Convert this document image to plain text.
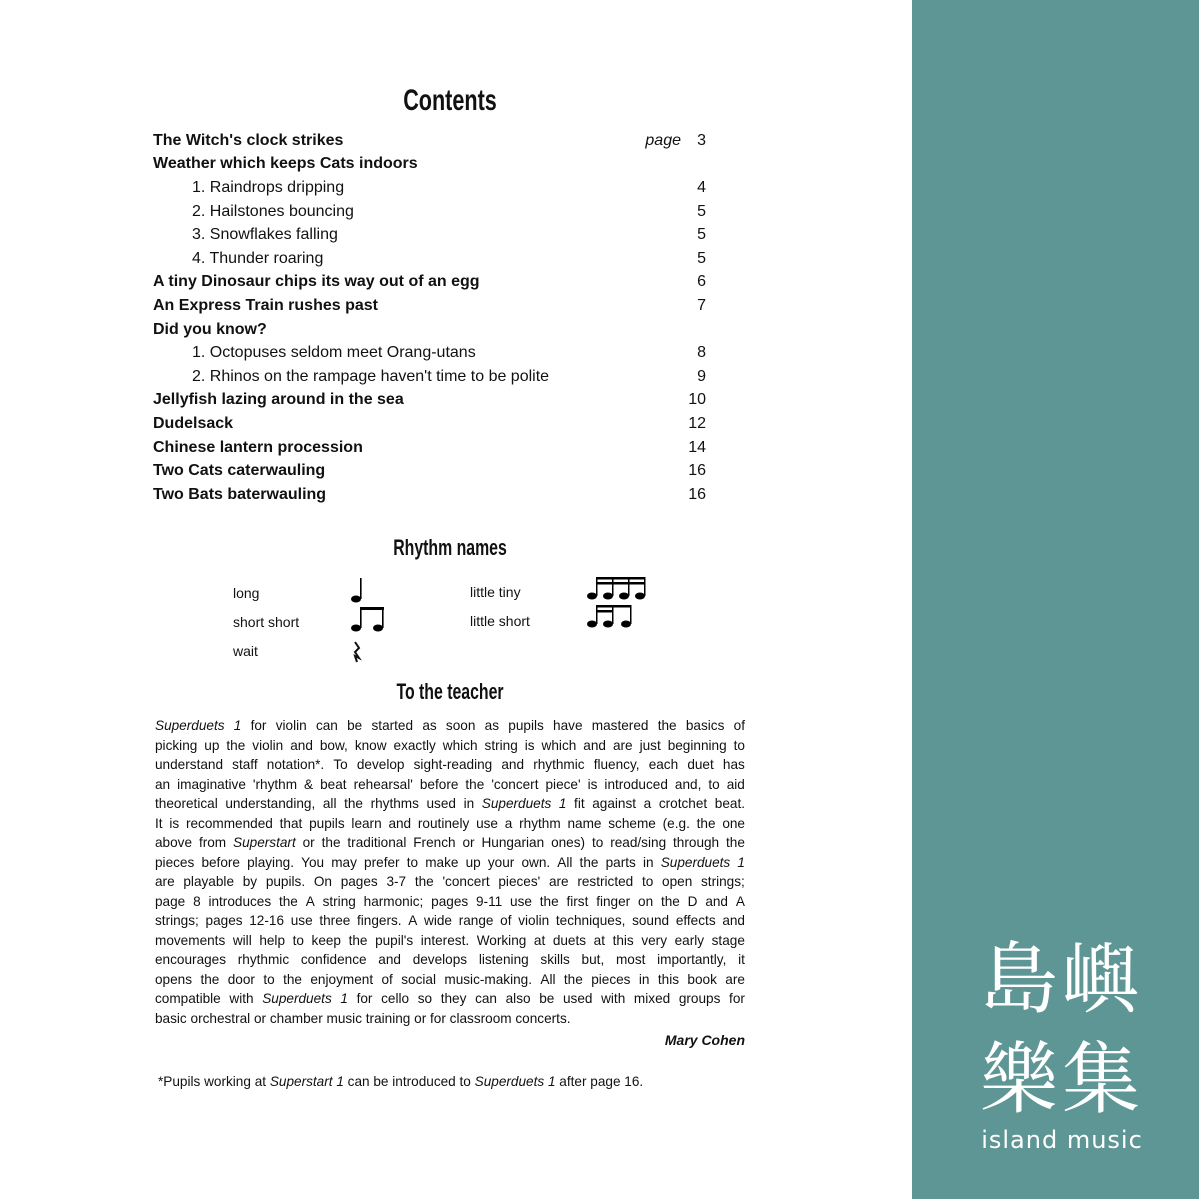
Contents
The Witch's clock strikes	page	3
Weather which keeps Cats indoors
1. Raindrops dripping	4
2. Hailstones bouncing	5
3. Snowflakes falling	5
4. Thunder roaring	5
A tiny Dinosaur chips its way out of an egg	6
An Express Train rushes past	7
Did you know?
1. Octopuses seldom meet Orang-utans	8
2. Rhinos on the rampage haven't time to be polite	9
Jellyfish lazing around in the sea	10
Dudelsack	12
Chinese lantern procession	14
Two Cats caterwauling	16
Two Bats baterwauling	16
Rhythm names
long
short short
wait
little tiny
little short
To the teacher
Superduets 1 for violin can be started as soon as pupils have mastered the basics of
picking up the violin and bow, know exactly which string is which and are just beginning to
understand staff notation*. To develop sight-reading and rhythmic fluency, each duet has
an imaginative 'rhythm & beat rehearsal' before the 'concert piece' is introduced and, to aid
theoretical understanding, all the rhythms used in Superduets 1 fit against a crotchet beat.
It is recommended that pupils learn and routinely use a rhythm name scheme (e.g. the one
above from Superstart or the traditional French or Hungarian ones) to read/sing through the
pieces before playing. You may prefer to make up your own. All the parts in Superduets 1
are playable by pupils. On pages 3-7 the 'concert pieces' are restricted to open strings;
page 8 introduces the A string harmonic; pages 9-11 use the first finger on the D and A
strings; pages 12-16 use three fingers. A wide range of violin techniques, sound effects and
movements will help to keep the pupil's interest. Working at duets at this very early stage
encourages rhythmic confidence and develops listening skills but, most importantly, it
opens the door to the enjoyment of social music-making. All the pieces in this book are
compatible with Superduets 1 for cello so they can also be used with mixed groups for
basic orchestral or chamber music training or for classroom concerts.
Mary Cohen
*Pupils working at Superstart 1 can be introduced to Superduets 1 after page 16.
島嶼樂集
island music
